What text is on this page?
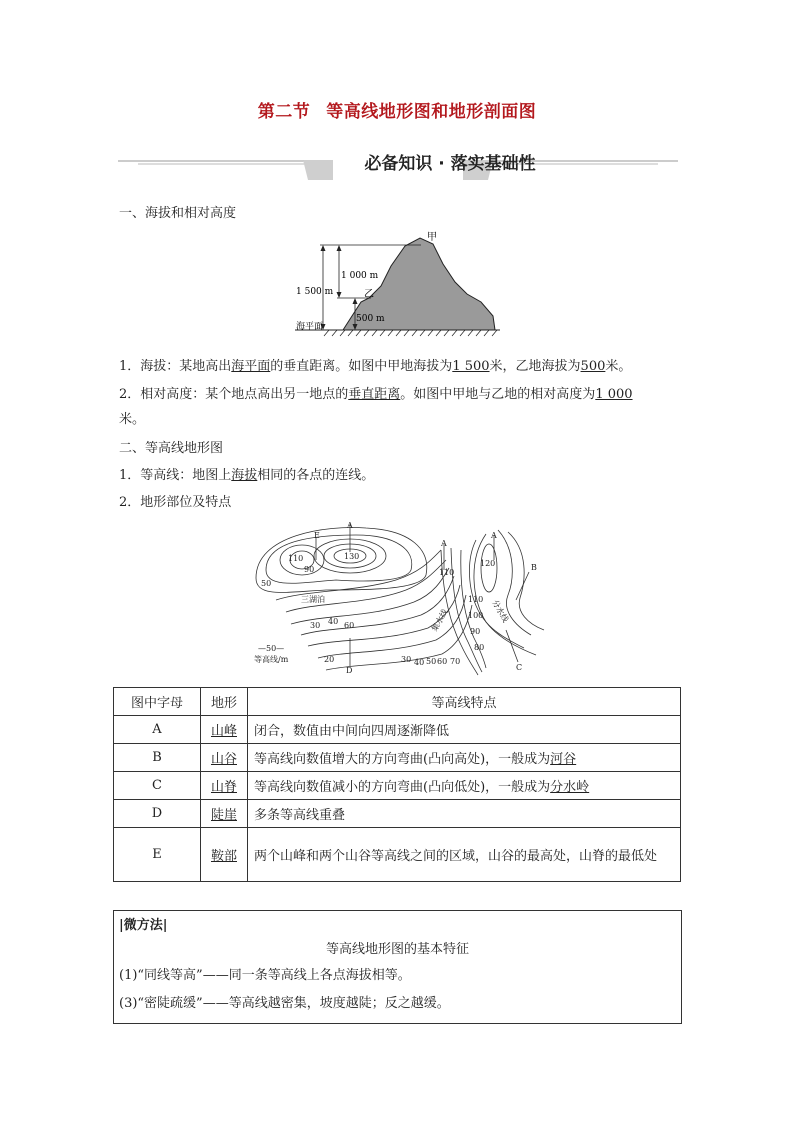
第二节 等高线地形图和地形剖面图
必备知识 · 落实基础性
一、海拔和相对高度
甲
乙
1 000 m
1 500 m
500 m
海平面
1．海拔：某地高出海平面的垂直距离。如图中甲地海拔为1 500米，乙地海拔为500米。
2．相对高度：某个地点高出另一地点的垂直距离。如图中甲地与乙地的相对高度为1 000
米。
二、等高线地形图
1．等高线：地图上海拔相同的各点的连线。
2．地形部位及特点
A
E
A
A
B
C
D
130
110
90
50
110
120
110
100
90
80
30 40 60
20	30 40 50 60 70
三湖泊
集水线	分水线
—50—
等高线/m
图中字母	地形	等高线特点
A	山峰	闭合，数值由中间向四周逐渐降低
B	山谷	等高线向数值增大的方向弯曲(凸向高处)，一般成为河谷
C	山脊	等高线向数值减小的方向弯曲(凸向低处)，一般成为分水岭
D	陡崖	多条等高线重叠
E	鞍部	两个山峰和两个山谷等高线之间的区域，山谷的最高处，山脊的最低处
|微方法|
等高线地形图的基本特征
(1)“同线等高”——同一条等高线上各点海拔相等。
(3)“密陡疏缓”——等高线越密集，坡度越陡；反之越缓。
